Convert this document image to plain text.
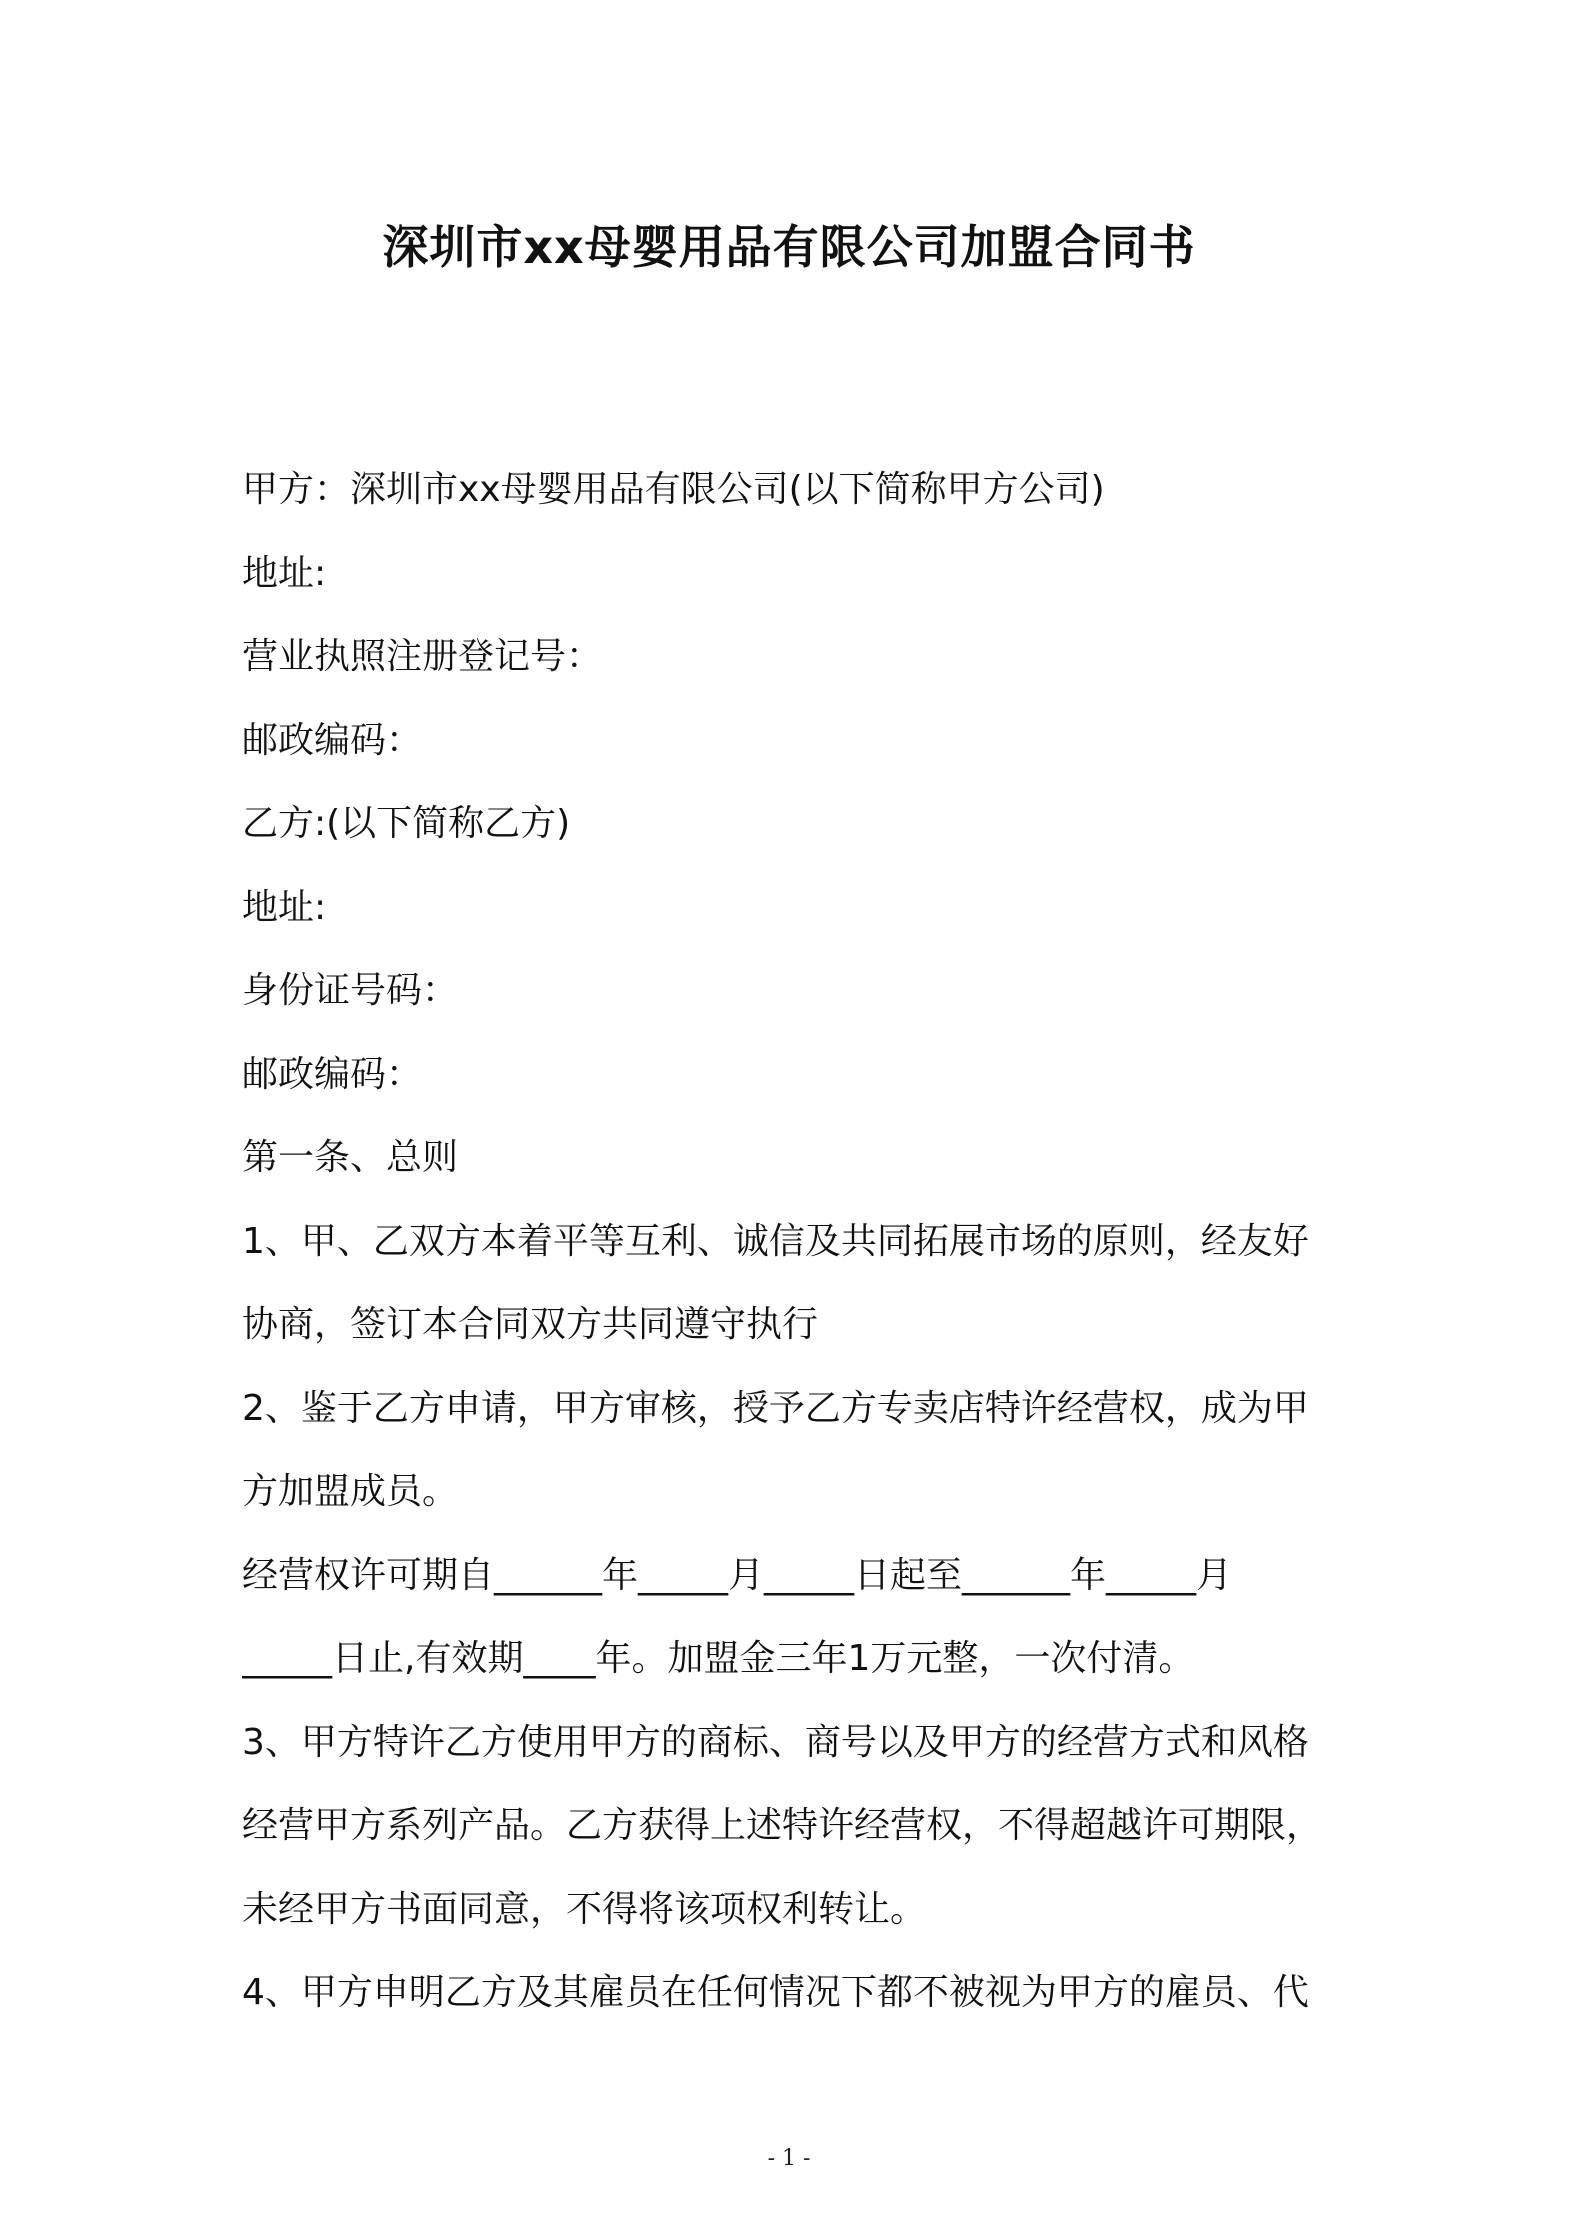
深圳市xx母婴用品有限公司加盟合同书
甲方：深圳市xx母婴用品有限公司(以下简称甲方公司)
地址:
营业执照注册登记号：
邮政编码：
乙方:(以下简称乙方)
地址:
身份证号码：
邮政编码：
第一条、总则
1、甲、乙双方本着平等互利、诚信及共同拓展市场的原则，经友好
协商，签订本合同双方共同遵守执行
2、鉴于乙方申请，甲方审核，授予乙方专卖店特许经营权，成为甲
方加盟成员。
经营权许可期自______年_____月_____日起至______年_____月
_____日止,有效期____年。加盟金三年1万元整，一次付清。
3、甲方特许乙方使用甲方的商标、商号以及甲方的经营方式和风格
经营甲方系列产品。乙方获得上述特许经营权，不得超越许可期限，
未经甲方书面同意，不得将该项权利转让。
4、甲方申明乙方及其雇员在任何情况下都不被视为甲方的雇员、代
- 1 -
